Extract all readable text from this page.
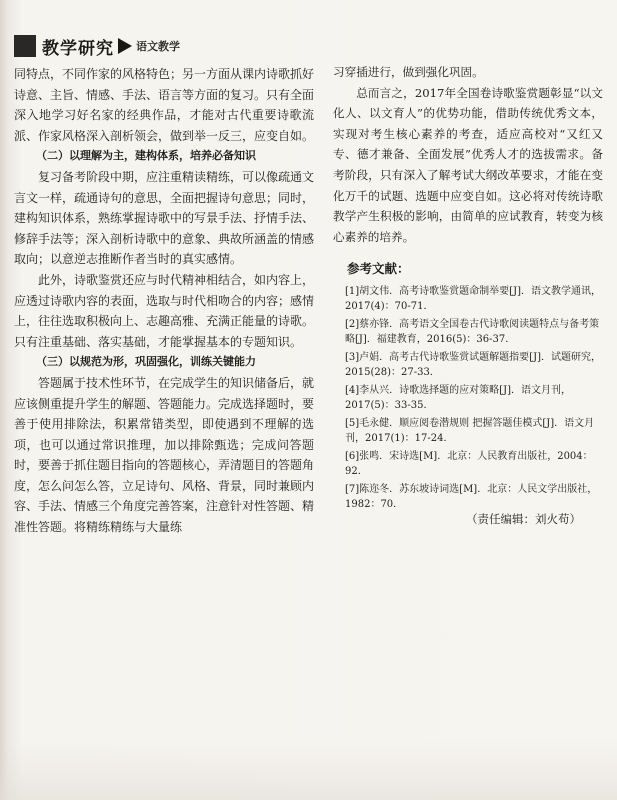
教学研究 语文教学

同特点，不同作家的风格特色；另一方面从课内诗歌抓好诗意、主旨、情感、手法、语言等方面的复习。只有全面深入地学习好名家的经典作品，才能对古代重要诗歌流派、作家风格深入剖析领会，做到举一反三，应变自如。

（二）以理解为主，建构体系，培养必备知识

复习备考阶段中期，应注重精读精练，可以像疏通文言文一样，疏通诗句的意思，全面把握诗句意思；同时，建构知识体系，熟练掌握诗歌中的写景手法、抒情手法、修辞手法等；深入剖析诗歌中的意象、典故所涵盖的情感取向；以意逆志推断作者当时的真实感情。

此外，诗歌鉴赏还应与时代精神相结合，如内容上，应透过诗歌内容的表面，选取与时代相吻合的内容；感情上，往往选取积极向上、志趣高雅、充满正能量的诗歌。只有注重基础、落实基础，才能掌握基本的专题知识。

（三）以规范为形，巩固强化，训练关键能力

答题属于技术性环节，在完成学生的知识储备后，就应该侧重提升学生的解题、答题能力。完成选择题时，要善于使用排除法，积累常错类型，即使遇到不理解的选项，也可以通过常识推理，加以排除甄选；完成问答题时，要善于抓住题目指向的答题核心，弄清题目的答题角度，怎么问怎么答，立足诗句、风格、背景，同时兼顾内容、手法、情感三个角度完善答案，注意针对性答题、精准性答题。将精练精练与大量练

习穿插进行，做到强化巩固。

总而言之，2017年全国卷诗歌鉴赏题彰显“以文化人、以文育人”的优势功能，借助传统优秀文本，实现对考生核心素养的考查，适应高校对“又红又专、德才兼备、全面发展”优秀人才的选拔需求。备考阶段，只有深入了解考试大纲改革要求，才能在变化万千的试题、选题中应变自如。这必将对传统诗歌教学产生积极的影响，由简单的应试教育，转变为核心素养的培养。

参考文献：
[1]胡文伟．高考诗歌鉴赏题命制举要[J]．语文教学通讯，2017(4)：70-71．
[2]蔡亦锋．高考语文全国卷古代诗歌阅读题特点与备考策略[J]．福建教育，2016(5)：36-37．
[3]卢娟．高考古代诗歌鉴赏试题解题指要[J]．试题研究，2015(28)：27-33．
[4]李从兴．诗歌选择题的应对策略[J]．语文月刊，2017(5)：33-35．
[5]毛永健．顺应阅卷潜规则 把握答题佳模式[J]．语文月刊，2017(1)：17-24．
[6]张鸣．宋诗选[M]．北京：人民教育出版社，2004：92．
[7]陈迩冬．苏东坡诗词选[M]．北京：人民文学出版社，1982：70．
（责任编辑：刘火苟）
